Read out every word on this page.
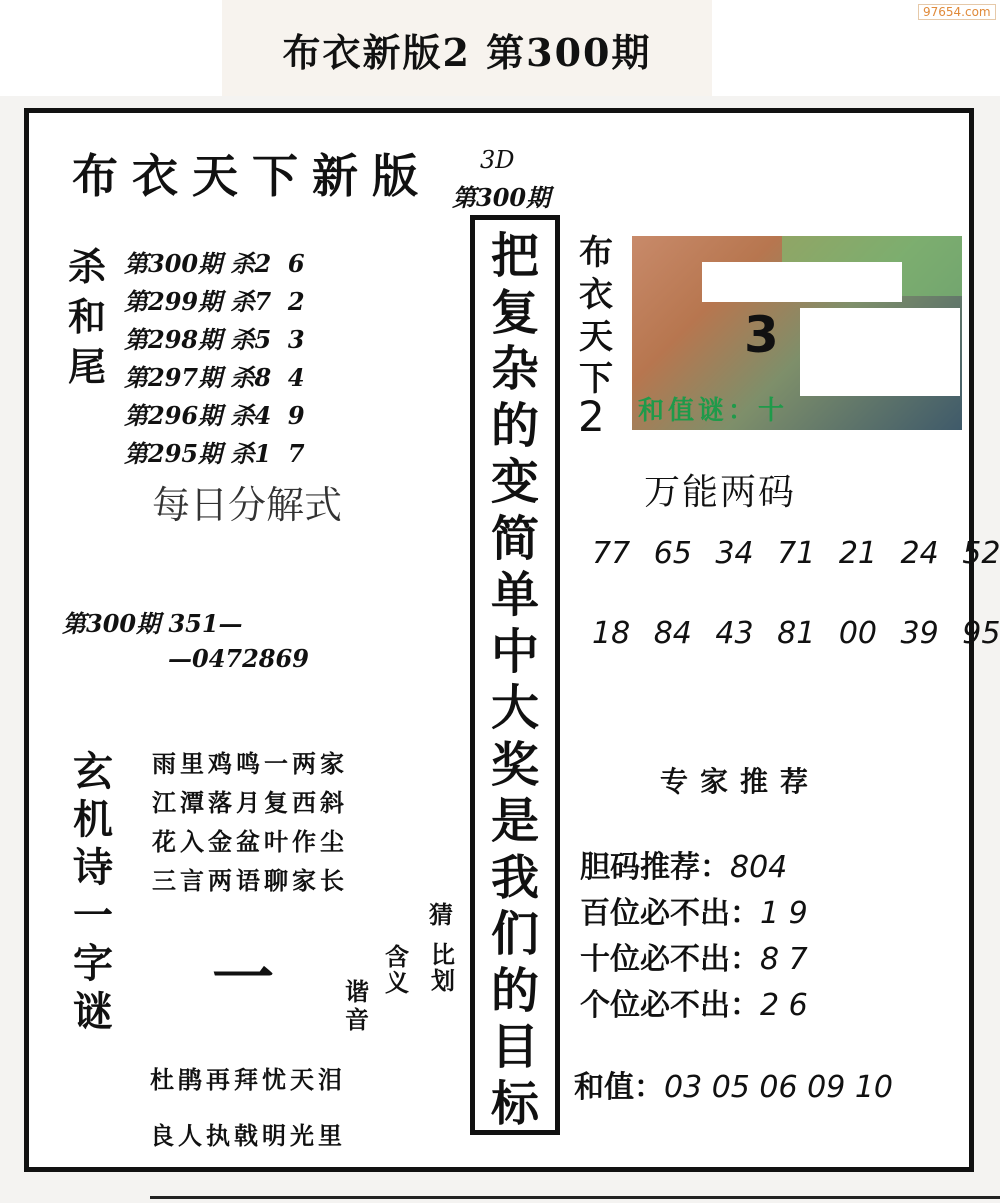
布衣新版2 第300期
97654.com
布衣天下新版 3D
第300期
杀
和
尾
第300期 杀2  6
第299期 杀7  2
第298期 杀5  3
第297期 杀8  4
第296期 杀4  9
第295期 杀1  7
每日分解式
第300期 351—
—0472869
玄
机
诗
一
字
谜
雨里鸡鸣一两家
江潭落月复西斜
花入金盆叶作尘
三言两语聊家长
一
猜
比
划
含
义
谐
音
杜鹃再拜忧天泪
良人执戟明光里
把
复
杂
的
变
简
单
中
大
奖
是
我
们
的
目
标
布
衣
天
下
2
3
和值谜：十
万能两码
77 65 34 71 21 24 52
18 84 43 81 00 39 95
专家推荐
胆码推荐：804
百位必不出：1 9
十位必不出：8 7
个位必不出：2 6
和值：03 05 06 09 10
